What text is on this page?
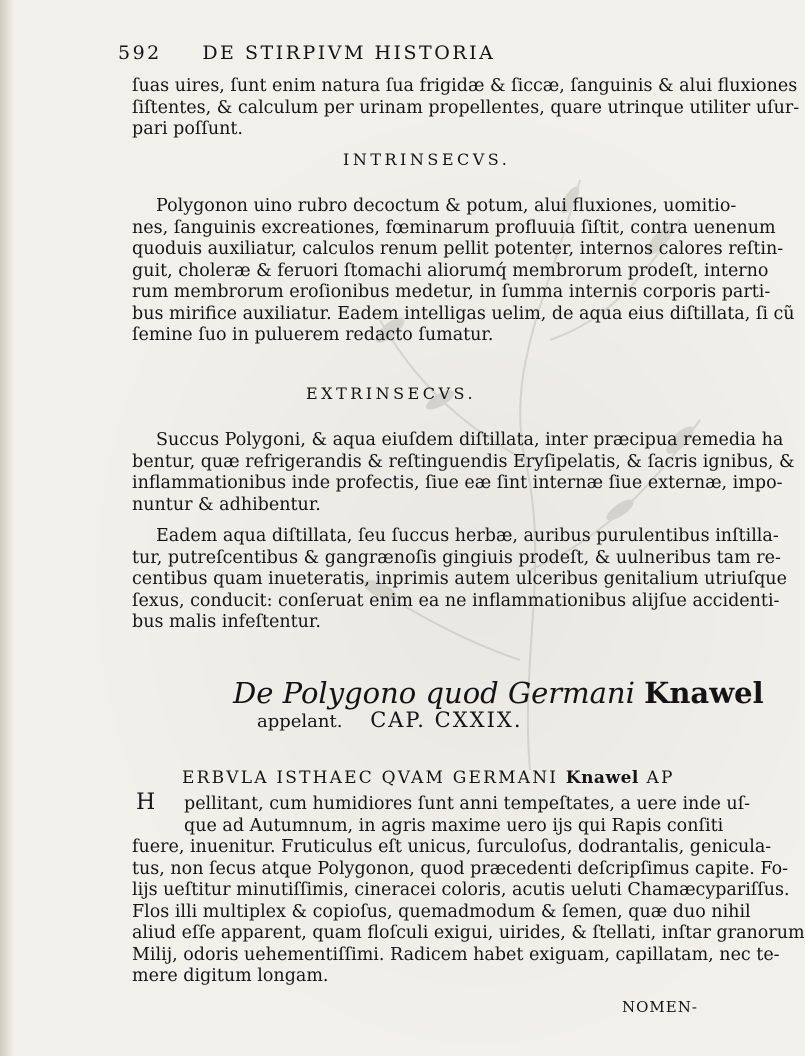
592 DE STIRPIVM HISTORIA
ſuas uires, ſunt enim natura ſua frigidæ & ſiccæ, ſanguinis & alui fluxiones
ſiſtentes, & calculum per urinam propellentes, quare utrinque utiliter uſur-
pari poſſunt.
INTRINSECVS.
Polygonon uino rubro decoctum & potum, alui fluxiones, uomitio-
nes, ſanguinis excreationes, fœminarum profluuia ſiſtit, contra uenenum
quoduis auxiliatur, calculos renum pellit potenter, internos calores reſtin-
guit, choleræ & feruori ſtomachi aliorumq́ membrorum prodeſt, interno
rum membrorum eroſionibus medetur, in ſumma internis corporis parti-
bus mirifice auxiliatur. Eadem intelligas uelim, de aqua eius diſtillata, ſi cũ
ſemine ſuo in puluerem redacto ſumatur.
EXTRINSECVS.
Succus Polygoni, & aqua eiuſdem diſtillata, inter præcipua remedia ha
bentur, quæ refrigerandis & reſtinguendis Eryſipelatis, & ſacris ignibus, &
inflammationibus inde profectis, ſiue eæ ſint internæ ſiue externæ, impo-
nuntur & adhibentur.
Eadem aqua diſtillata, ſeu ſuccus herbæ, auribus purulentibus inſtilla-
tur, putreſcentibus & gangrænoſis gingiuis prodeſt, & uulneribus tam re-
centibus quam inueteratis, inprimis autem ulceribus genitalium utriuſque
ſexus, conducit: conſeruat enim ea ne inflammationibus alijſue accidenti-
bus malis infeſtentur.
De Polygono quod Germani Knawel
appelant. CAP. CXXIX.
ERBVLA ISTHAEC QVAM GERMANI Knawel AP
H	pellitant, cum humidiores ſunt anni tempeſtates, a uere inde uſ-
que ad Autumnum, in agris maxime uero ijs qui Rapis conſiti
fuere, inuenitur. Fruticulus eſt unicus, ſurculoſus, dodrantalis, genicula-
tus, non ſecus atque Polygonon, quod præcedenti deſcripſimus capite. Fo-
lijs ueſtitur minutiſſimis, cineracei coloris, acutis ueluti Chamæcypariſſus.
Flos illi multiplex & copioſus, quemadmodum & ſemen, quæ duo nihil
aliud eſſe apparent, quam floſculi exigui, uirides, & ſtellati, inſtar granorum
Milij, odoris uehementiſſimi. Radicem habet exiguam, capillatam, nec te-
mere digitum longam.
NOMEN-
